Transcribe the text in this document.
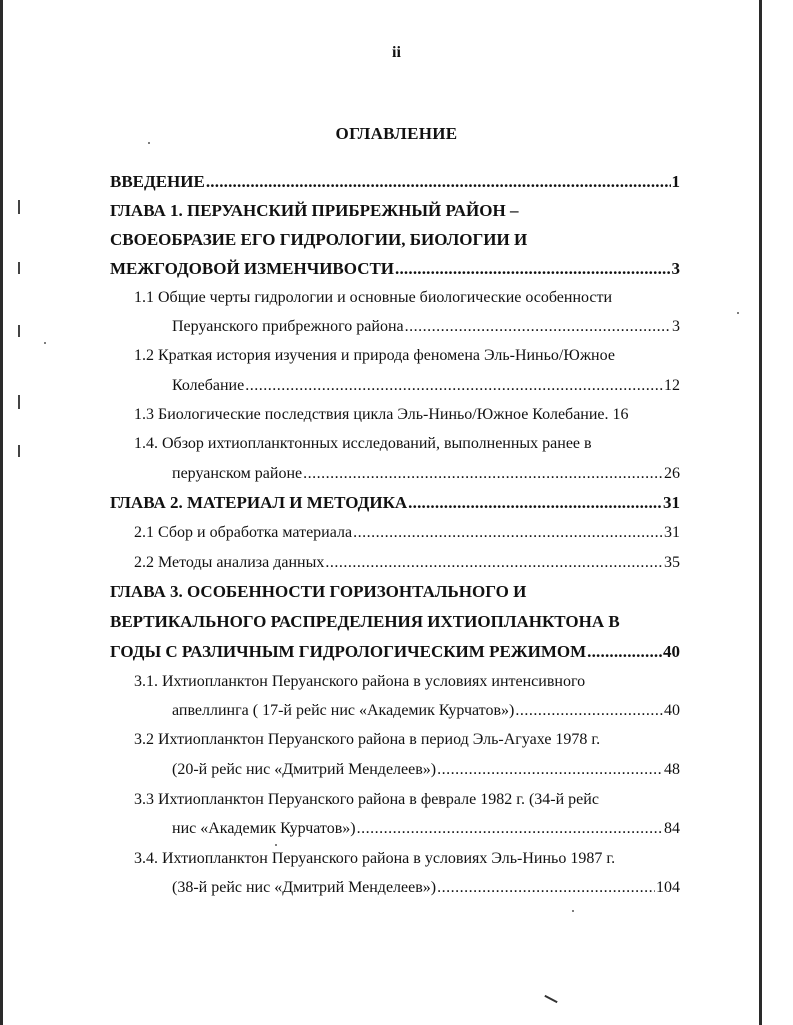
ii
ОГЛАВЛЕНИЕ
ВВЕДЕНИЕ .....	1
ГЛАВА 1. ПЕРУАНСКИЙ ПРИБРЕЖНЫЙ РАЙОН –
СВОЕОБРАЗИЕ ЕГО ГИДРОЛОГИИ, БИОЛОГИИ И
МЕЖГОДОВОЙ ИЗМЕНЧИВОСТИ .....	3
1.1 Общие черты гидрологии и основные биологические особенности
Перуанского прибрежного района .....	3
1.2 Краткая история изучения и природа феномена Эль-Ниньо/Южное
Колебание .....	12
1.3 Биологические последствия цикла Эль-Ниньо/Южное Колебание. 16
1.4. Обзор ихтиопланктонных исследований, выполненных ранее в
перуанском районе .....	26
ГЛАВА 2. МАТЕРИАЛ И МЕТОДИКА .....	31
2.1 Сбор и обработка материала .....	31
2.2 Методы анализа данных .....	35
ГЛАВА 3. ОСОБЕННОСТИ ГОРИЗОНТАЛЬНОГО И
ВЕРТИКАЛЬНОГО РАСПРЕДЕЛЕНИЯ ИХТИОПЛАНКТОНА В
ГОДЫ С РАЗЛИЧНЫМ ГИДРОЛОГИЧЕСКИМ РЕЖИМОМ .....	40
3.1. Ихтиопланктон Перуанского района в условиях интенсивного
апвеллинга ( 17-й рейс нис «Академик Курчатов») .....	40
3.2 Ихтиопланктон Перуанского района в период Эль-Агуахе 1978 г.
(20-й рейс нис «Дмитрий Менделеев») .....	48
3.3 Ихтиопланктон Перуанского района в феврале 1982 г. (34-й рейс
нис «Академик Курчатов») .....	84
3.4. Ихтиопланктон Перуанского района в условиях Эль-Ниньо 1987 г.
(38-й рейс нис «Дмитрий Менделеев») .....	104
